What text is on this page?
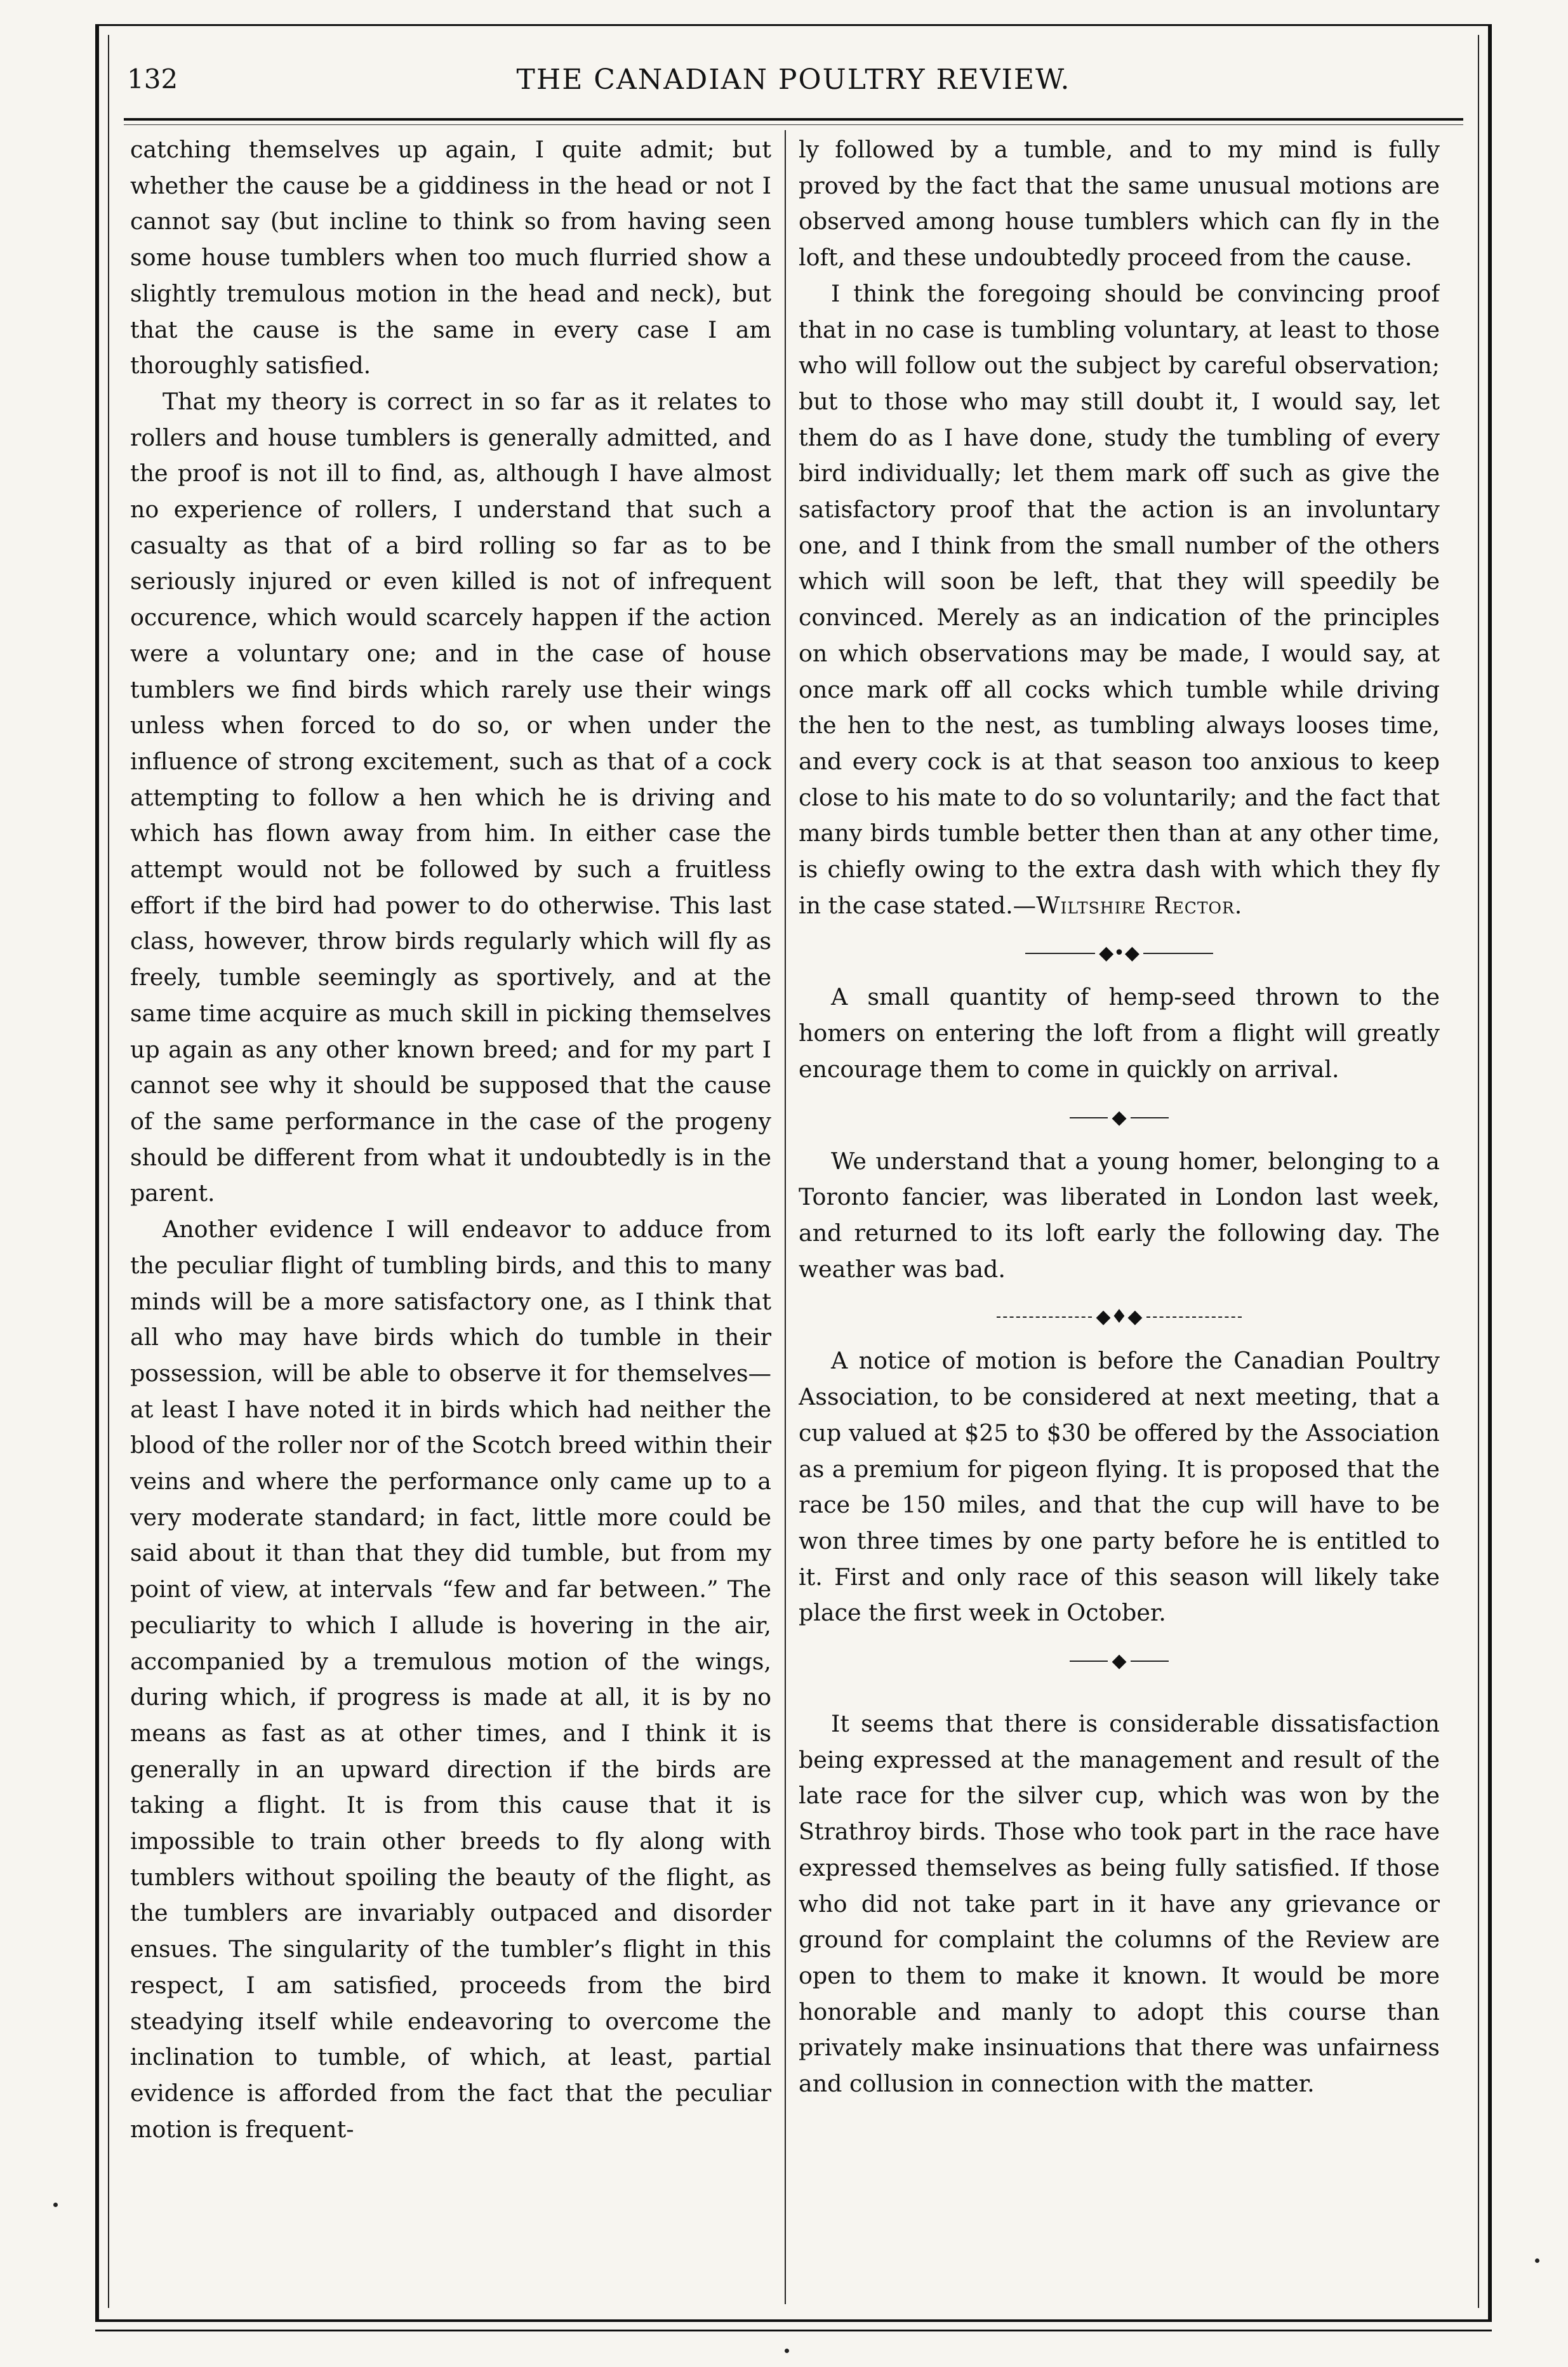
132	THE CANADIAN POULTRY REVIEW.

catching themselves up again, I quite admit; but whether the cause be a giddiness in the head or not I cannot say (but incline to think so from having seen some house tumblers when too much flurried show a slightly tremulous motion in the head and neck), but that the cause is the same in every case I am thoroughly satisfied.

That my theory is correct in so far as it relates to rollers and house tumblers is generally admitted, and the proof is not ill to find, as, although I have almost no experience of rollers, I understand that such a casualty as that of a bird rolling so far as to be seriously injured or even killed is not of infrequent occurence, which would scarcely happen if the action were a voluntary one; and in the case of house tumblers we find birds which rarely use their wings unless when forced to do so, or when under the influence of strong excitement, such as that of a cock attempting to follow a hen which he is driving and which has flown away from him. In either case the attempt would not be followed by such a fruitless effort if the bird had power to do otherwise. This last class, however, throw birds regularly which will fly as freely, tumble seemingly as sportively, and at the same time acquire as much skill in picking themselves up again as any other known breed; and for my part I cannot see why it should be supposed that the cause of the same performance in the case of the progeny should be different from what it undoubtedly is in the parent.

Another evidence I will endeavor to adduce from the peculiar flight of tumbling birds, and this to many minds will be a more satisfactory one, as I think that all who may have birds which do tumble in their possession, will be able to observe it for themselves—at least I have noted it in birds which had neither the blood of the roller nor of the Scotch breed within their veins and where the performance only came up to a very moderate standard; in fact, little more could be said about it than that they did tumble, but from my point of view, at intervals “few and far between.” The peculiarity to which I allude is hovering in the air, accompanied by a tremulous motion of the wings, during which, if progress is made at all, it is by no means as fast as at other times, and I think it is generally in an upward direction if the birds are taking a flight. It is from this cause that it is impossible to train other breeds to fly along with tumblers without spoiling the beauty of the flight, as the tumblers are invariably outpaced and disorder ensues. The singularity of the tumbler’s flight in this respect, I am satisfied, proceeds from the bird steadying itself while endeavoring to overcome the inclination to tumble, of which, at least, partial evidence is afforded from the fact that the peculiar motion is frequent-

ly followed by a tumble, and to my mind is fully proved by the fact that the same unusual motions are observed among house tumblers which can fly in the loft, and these undoubtedly proceed from the cause.

I think the foregoing should be convincing proof that in no case is tumbling voluntary, at least to those who will follow out the subject by careful observation; but to those who may still doubt it, I would say, let them do as I have done, study the tumbling of every bird individually; let them mark off such as give the satisfactory proof that the action is an involuntary one, and I think from the small number of the others which will soon be left, that they will speedily be convinced. Merely as an indication of the principles on which observations may be made, I would say, at once mark off all cocks which tumble while driving the hen to the nest, as tumbling always looses time, and every cock is at that season too anxious to keep close to his mate to do so voluntarily; and the fact that many birds tumble better then than at any other time, is chiefly owing to the extra dash with which they fly in the case stated.—Wiltshire Rector.

◆•◆

A small quantity of hemp-seed thrown to the homers on entering the loft from a flight will greatly encourage them to come in quickly on arrival.

◆

We understand that a young homer, belonging to a Toronto fancier, was liberated in London last week, and returned to its loft early the following day. The weather was bad.

◆♦◆

A notice of motion is before the Canadian Poultry Association, to be considered at next meeting, that a cup valued at $25 to $30 be offered by the Association as a premium for pigeon flying. It is proposed that the race be 150 miles, and that the cup will have to be won three times by one party before he is entitled to it. First and only race of this season will likely take place the first week in October.

◆

It seems that there is considerable dissatisfaction being expressed at the management and result of the late race for the silver cup, which was won by the Strathroy birds. Those who took part in the race have expressed themselves as being fully satisfied. If those who did not take part in it have any grievance or ground for complaint the columns of the Review are open to them to make it known. It would be more honorable and manly to adopt this course than privately make insinuations that there was unfairness and collusion in connection with the matter.
